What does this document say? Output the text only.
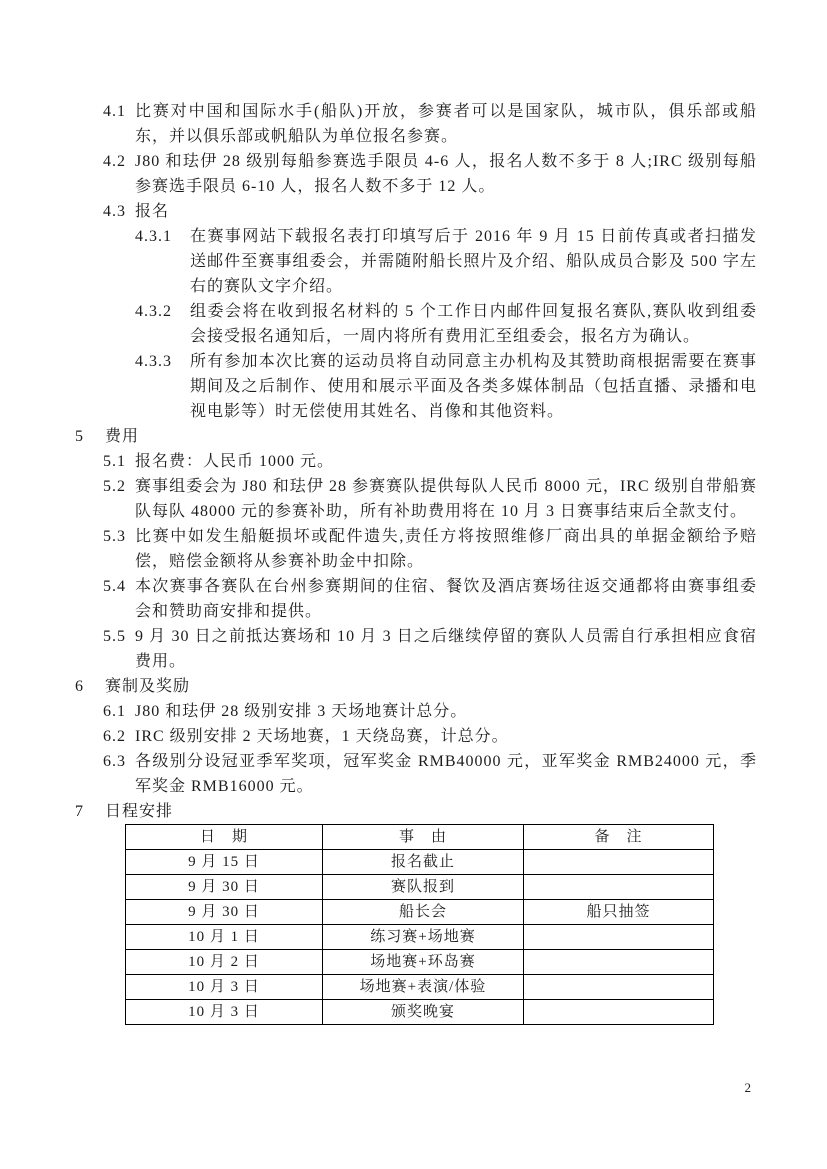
4.1 比赛对中国和国际水手(船队)开放，参赛者可以是国家队，城市队，俱乐部或船东，并以俱乐部或帆船队为单位报名参赛。
4.2 J80 和珐伊 28 级别每船参赛选手限员 4-6 人，报名人数不多于 8 人;IRC 级别每船参赛选手限员 6-10 人，报名人数不多于 12 人。
4.3 报名
4.3.1	在赛事网站下载报名表打印填写后于 2016 年 9 月 15 日前传真或者扫描发送邮件至赛事组委会，并需随附船长照片及介绍、船队成员合影及 500 字左右的赛队文字介绍。
4.3.2	组委会将在收到报名材料的 5 个工作日内邮件回复报名赛队,赛队收到组委会接受报名通知后，一周内将所有费用汇至组委会，报名方为确认。
4.3.3	所有参加本次比赛的运动员将自动同意主办机构及其赞助商根据需要在赛事期间及之后制作、使用和展示平面及各类多媒体制品（包括直播、录播和电视电影等）时无偿使用其姓名、肖像和其他资料。
5	费用
5.1 报名费：人民币 1000 元。
5.2 赛事组委会为 J80 和珐伊 28 参赛赛队提供每队人民币 8000 元，IRC 级别自带船赛队每队 48000 元的参赛补助，所有补助费用将在 10 月 3 日赛事结束后全款支付。
5.3 比赛中如发生船艇损坏或配件遗失,责任方将按照维修厂商出具的单据金额给予赔偿，赔偿金额将从参赛补助金中扣除。
5.4 本次赛事各赛队在台州参赛期间的住宿、餐饮及酒店赛场往返交通都将由赛事组委会和赞助商安排和提供。
5.5 9 月 30 日之前抵达赛场和 10 月 3 日之后继续停留的赛队人员需自行承担相应食宿费用。
6	赛制及奖励
6.1 J80 和珐伊 28 级别安排 3 天场地赛计总分。
6.2 IRC 级别安排 2 天场地赛，1 天绕岛赛，计总分。
6.3 各级别分设冠亚季军奖项，冠军奖金 RMB40000 元，亚军奖金 RMB24000 元，季军奖金 RMB16000 元。
7	日程安排
日　期	事　由	备　注
9 月 15 日	报名截止	
9 月 30 日	赛队报到	
9 月 30 日	船长会	船只抽签
10 月 1 日	练习赛+场地赛	
10 月 2 日	场地赛+环岛赛	
10 月 3 日	场地赛+表演/体验	
10 月 3 日	颁奖晚宴	
2
